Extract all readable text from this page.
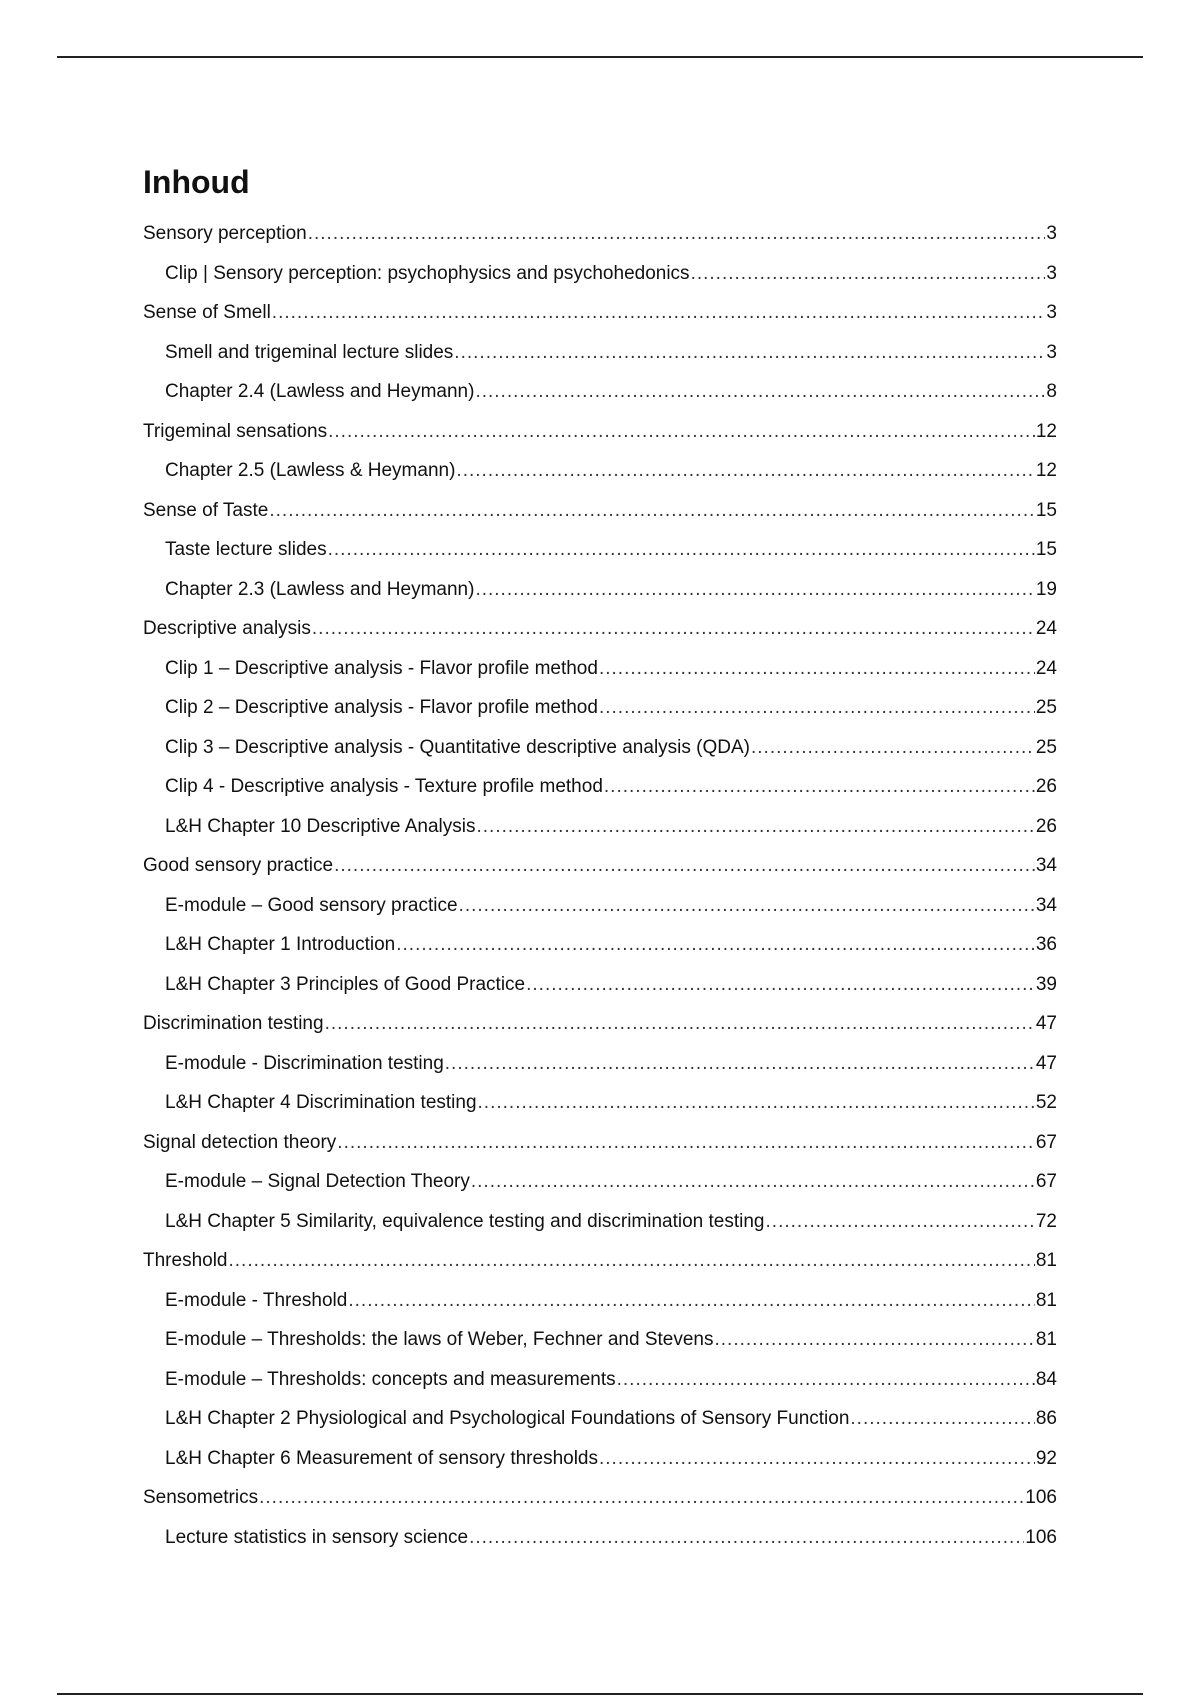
Inhoud
Sensory perception .....	3
Clip | Sensory perception: psychophysics and psychohedonics .....	3
Sense of Smell .....	3
Smell and trigeminal lecture slides .....	3
Chapter 2.4 (Lawless and Heymann) .....	8
Trigeminal sensations .....	12
Chapter 2.5 (Lawless & Heymann) .....	12
Sense of Taste .....	15
Taste lecture slides .....	15
Chapter 2.3 (Lawless and Heymann) .....	19
Descriptive analysis .....	24
Clip 1 – Descriptive analysis - Flavor profile method .....	24
Clip 2 – Descriptive analysis - Flavor profile method .....	25
Clip 3 – Descriptive analysis - Quantitative descriptive analysis (QDA) .....	25
Clip 4 - Descriptive analysis - Texture profile method .....	26
L&H Chapter 10 Descriptive Analysis .....	26
Good sensory practice .....	34
E-module – Good sensory practice .....	34
L&H Chapter 1 Introduction .....	36
L&H Chapter 3 Principles of Good Practice .....	39
Discrimination testing .....	47
E-module - Discrimination testing .....	47
L&H Chapter 4 Discrimination testing .....	52
Signal detection theory .....	67
E-module – Signal Detection Theory .....	67
L&H Chapter 5 Similarity, equivalence testing and discrimination testing .....	72
Threshold .....	81
E-module - Threshold .....	81
E-module – Thresholds: the laws of Weber, Fechner and Stevens .....	81
E-module – Thresholds: concepts and measurements .....	84
L&H Chapter 2 Physiological and Psychological Foundations of Sensory Function .....	86
L&H Chapter 6 Measurement of sensory thresholds .....	92
Sensometrics .....	106
Lecture statistics in sensory science .....	106
